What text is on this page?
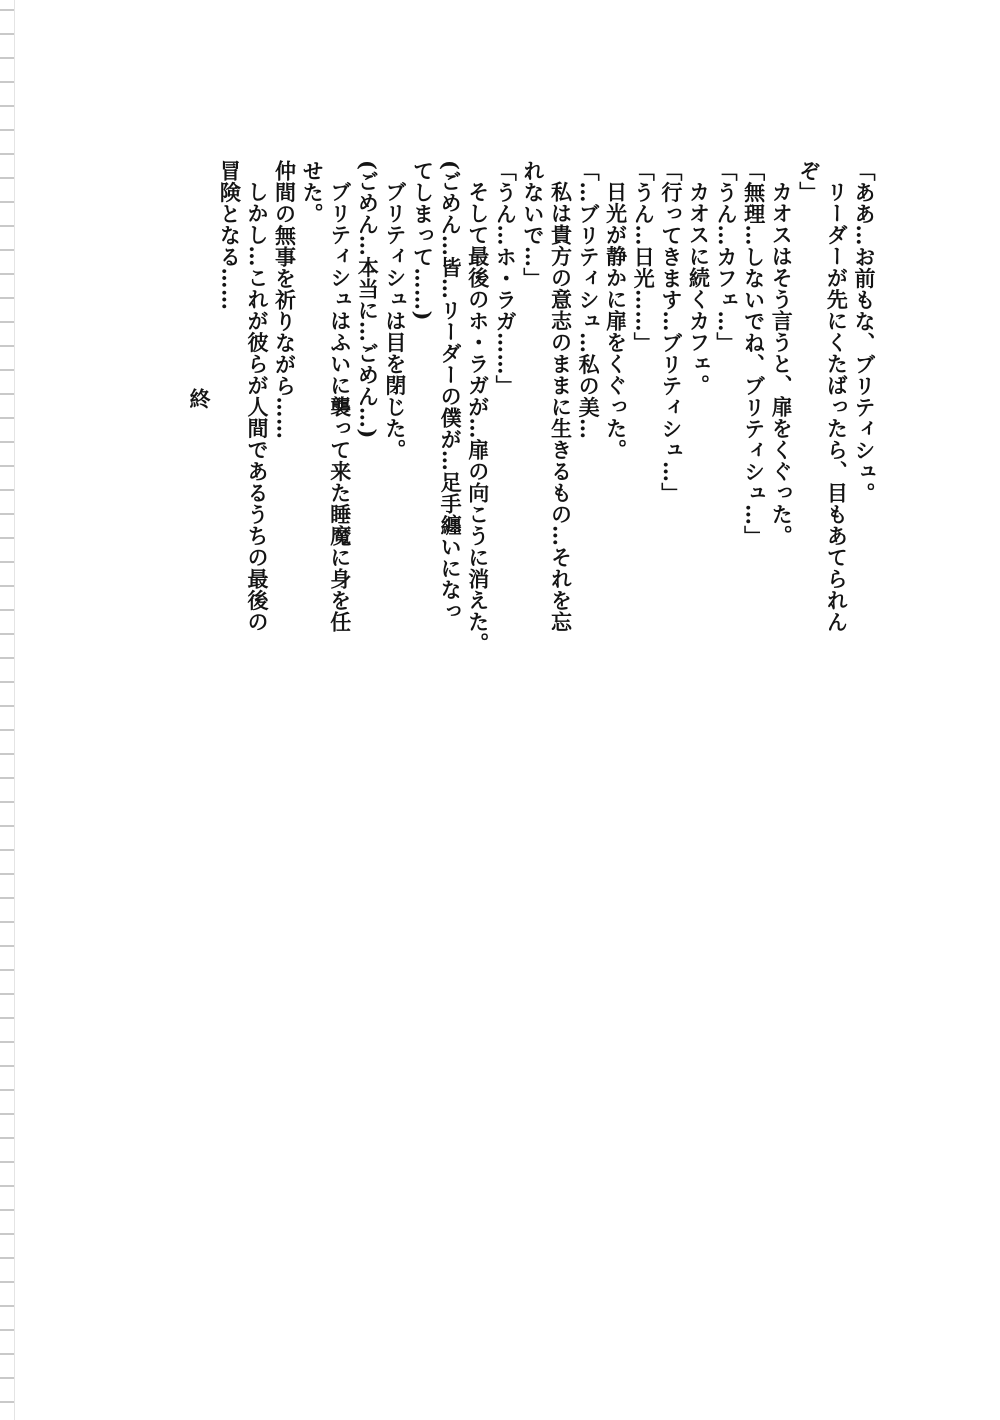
「ああ…お前もな、ブリティシュ。
リーダーが先にくたばったら、目もあてられん
ぞ」
カオスはそう言うと、扉をくぐった。
「無理…しないでね、ブリティシュ…」
「うん…カフェ…」
カオスに続くカフェ。
「行ってきます…ブリティシュ…」
「うん…日光……」
日光が静かに扉をくぐった。
「…ブリティシュ…私の美…
私は貴方の意志のままに生きるもの…それを忘
れないで…」
「うん…ホ・ラガ……」
そして最後のホ・ラガが…扉の向こうに消えた。
(ごめん…皆…リーダーの僕が…足手纏いになっ
てしまって……)
ブリティシュは目を閉じた。
(ごめん…本当に…ごめん…)
ブリティシュはふいに襲って来た睡魔に身を任
せた。
仲間の無事を祈りながら……
しかし…これが彼らが人間であるうちの最後の
冒険となる……
終
